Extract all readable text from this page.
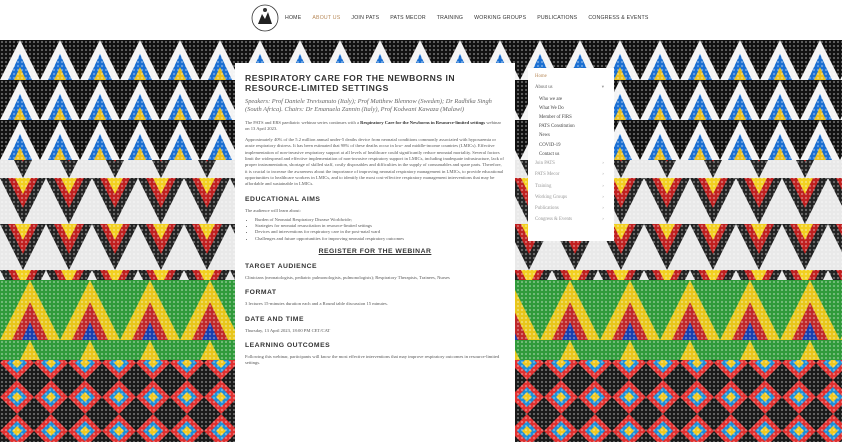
HOME ABOUT US JOIN PATS PATS MECOR TRAINING WORKING GROUPS PUBLICATIONS CONGRESS & EVENTS
RESPIRATORY CARE FOR THE NEWBORNS IN RESOURCE-LIMITED SETTINGS
Speakers: Prof Daniele Trevisanuto (Italy); Prof Matthew Blennow (Sweden); Dr Radhika Singh (South Africa). Chairs: Dr Emanuela Zannin (Italy), Prof Kodwani Kawaza (Malawi)
The PATS and ERS paediatric webinar series continues with a Respiratory Care for the Newborns in Resource-limited settings webinar on 13 April 2023.
Approximately 40% of the 5.2 million annual under-5 deaths device from neonatal conditions commonly associated with hypoxaemia or acute respiratory distress. It has been estimated that 98% of these deaths occur in low- and middle-income countries (LMICs). Effective implementation of non-invasive respiratory support at all levels of healthcare could significantly reduce neonatal mortality. Several factors limit the widespread and effective implementation of non-invasive respiratory support in LMICs, including inadequate infrastructure, lack of proper instrumentation, shortage of skilled staff, costly disposables and difficulties in the supply of consumables and spare parts. Therefore, it is crucial to increase the awareness about the importance of improving neonatal respiratory management in LMICs, to provide educational opportunities to healthcare workers in LMICs, and to identify the most cost-effective respiratory management interventions that may be affordable and sustainable in LMICs.
EDUCATIONAL AIMS
The audience will learn about:
• Burden of Neonatal Respiratory Disease Worldwide;
• Strategies for neonatal resuscitation in resource-limited settings
• Devices and interventions for respiratory care in the post-natal ward
• Challenges and future opportunities for improving neonatal respiratory outcomes
REGISTER FOR THE WEBINAR
TARGET AUDIENCE
Clinicians (neonatologists, pediatric pulmonologists, pulmonologists); Respiratory Therapists, Trainees, Nurses
FORMAT
3 lectures 15-minutes duration each and a Round table discussion 15 minutes.
DATE AND TIME
Thursday, 13 April 2023, 18:00 PM CET/CAT
LEARNING OUTCOMES
Following this webinar, participants will know the most effective interventions that may improve respiratory outcomes in resource-limited settings.
Home
About us	▾
Who we are
What We Do
Member of FIRS
PATS Constitution
News
COVID-19
Contact us
Join PATS	›
PATS Mecor	›
Training	›
Working Groups	›
Publications	›
Congress & Events	›
